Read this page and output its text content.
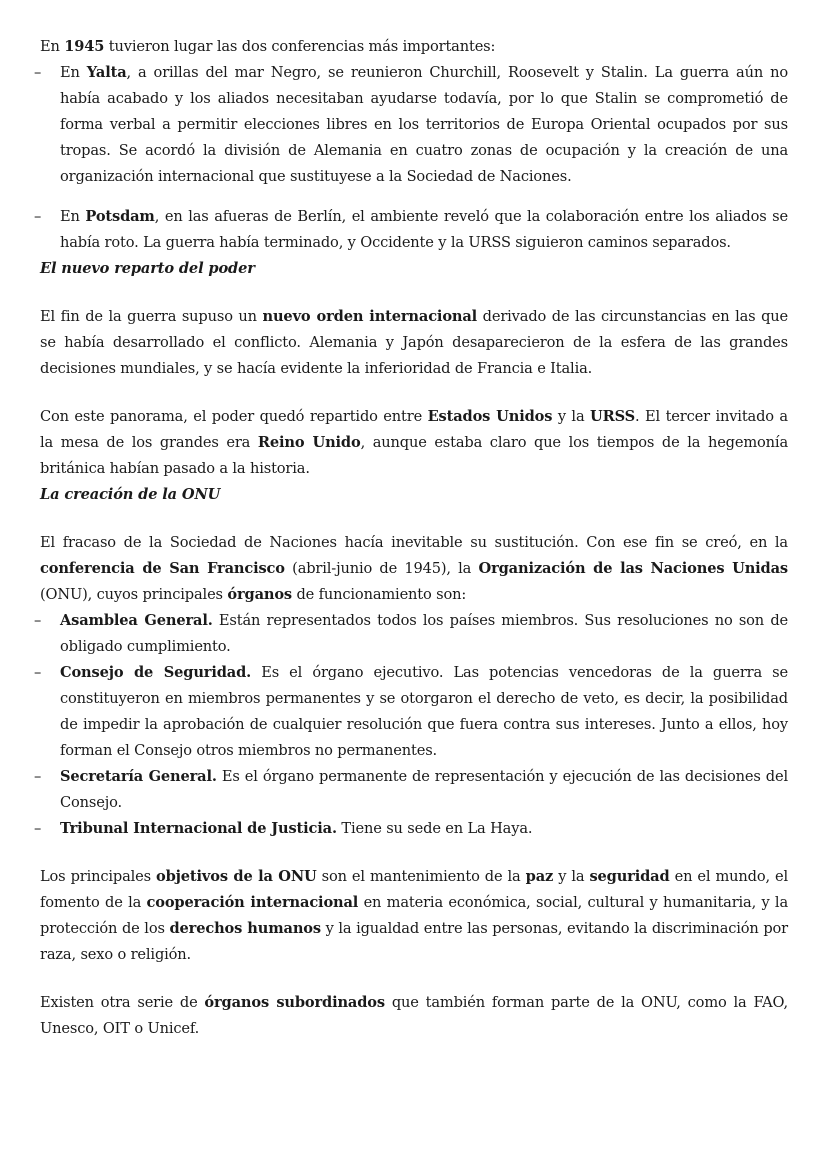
En 1945 tuvieron lugar las dos conferencias más importantes:

– En Yalta, a orillas del mar Negro, se reunieron Churchill, Roosevelt y Stalin. La guerra aún no había acabado y los aliados necesitaban ayudarse todavía, por lo que Stalin se comprometió de forma verbal a permitir elecciones libres en los territorios de Europa Oriental ocupados por sus tropas. Se acordó la división de Alemania en cuatro zonas de ocupación y la creación de una organización internacional que sustituyese a la Sociedad de Naciones.
– En Potsdam, en las afueras de Berlín, el ambiente reveló que la colaboración entre los aliados se había roto. La guerra había terminado, y Occidente y la URSS siguieron caminos separados.
El nuevo reparto del poder

El fin de la guerra supuso un nuevo orden internacional derivado de las circunstancias en las que se había desarrollado el conflicto. Alemania y Japón desaparecieron de la esfera de las grandes decisiones mundiales, y se hacía evidente la inferioridad de Francia e Italia.

Con este panorama, el poder quedó repartido entre Estados Unidos y la URSS. El tercer invitado a la mesa de los grandes era Reino Unido, aunque estaba claro que los tiempos de la hegemonía británica habían pasado a la historia.

La creación de la ONU

El fracaso de la Sociedad de Naciones hacía inevitable su sustitución. Con ese fin se creó, en la conferencia de San Francisco (abril-junio de 1945), la Organización de las Naciones Unidas (ONU), cuyos principales órganos de funcionamiento son:

– Asamblea General. Están representados todos los países miembros. Sus resoluciones no son de obligado cumplimiento.
– Consejo de Seguridad. Es el órgano ejecutivo. Las potencias vencedoras de la guerra se constituyeron en miembros permanentes y se otorgaron el derecho de veto, es decir, la posibilidad de impedir la aprobación de cualquier resolución que fuera contra sus intereses. Junto a ellos, hoy forman el Consejo otros miembros no permanentes.
– Secretaría General. Es el órgano permanente de representación y ejecución de las decisiones del Consejo.
– Tribunal Internacional de Justicia. Tiene su sede en La Haya.

Los principales objetivos de la ONU son el mantenimiento de la paz y la seguridad en el mundo, el fomento de la cooperación internacional en materia económica, social, cultural y humanitaria, y la protección de los derechos humanos y la igualdad entre las personas, evitando la discriminación por raza, sexo o religión.

Existen otra serie de órganos subordinados que también forman parte de la ONU, como la FAO, Unesco, OIT o Unicef.
